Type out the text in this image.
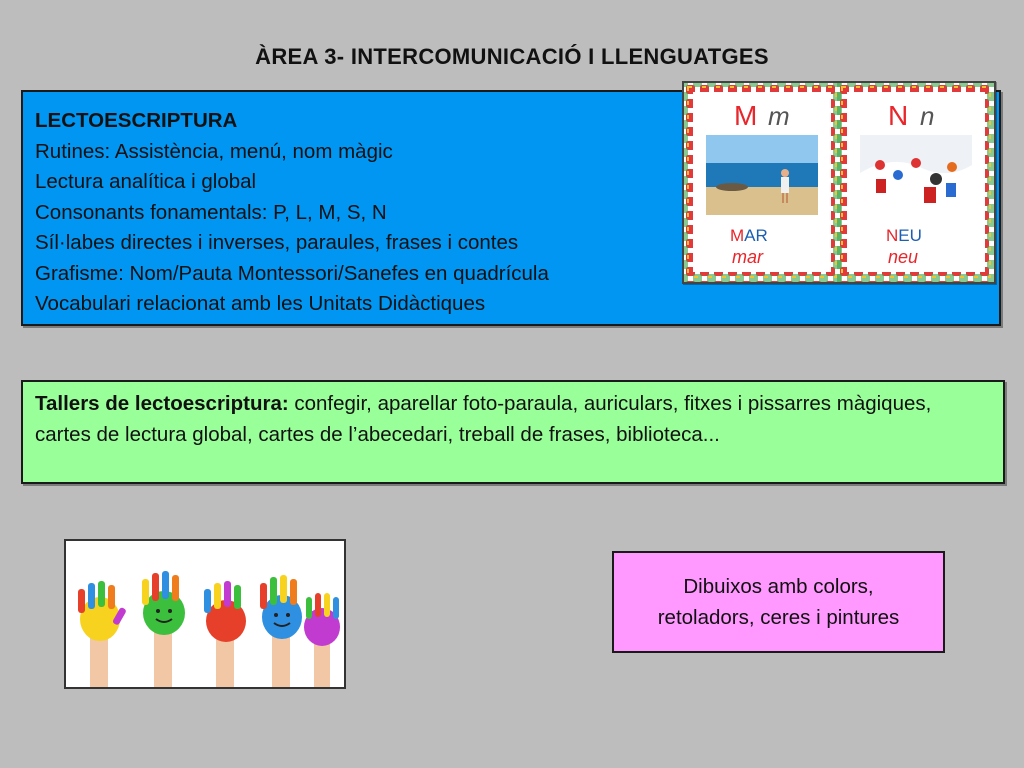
ÀREA 3- INTERCOMUNICACIÓ I LLENGUATGES
LECTOESCRIPTURA
Rutines: Assistència, menú, nom màgic
Lectura analítica i global
Consonants fonamentals: P, L, M, S, N
Síl·labes directes i inverses, paraules, frases i contes
Grafisme: Nom/Pauta Montessori/Sanefes en quadrícula
Vocabulari relacionat amb les Unitats Didàctiques
M m
MAR
mar
N n
NEU
neu
Tallers de lectoescriptura: confegir, aparellar foto-paraula, auriculars, fitxes i pissarres màgiques, cartes de lectura global, cartes de l’abecedari, treball de frases, biblioteca...
Dibuixos amb colors,
retoladors, ceres i pintures
